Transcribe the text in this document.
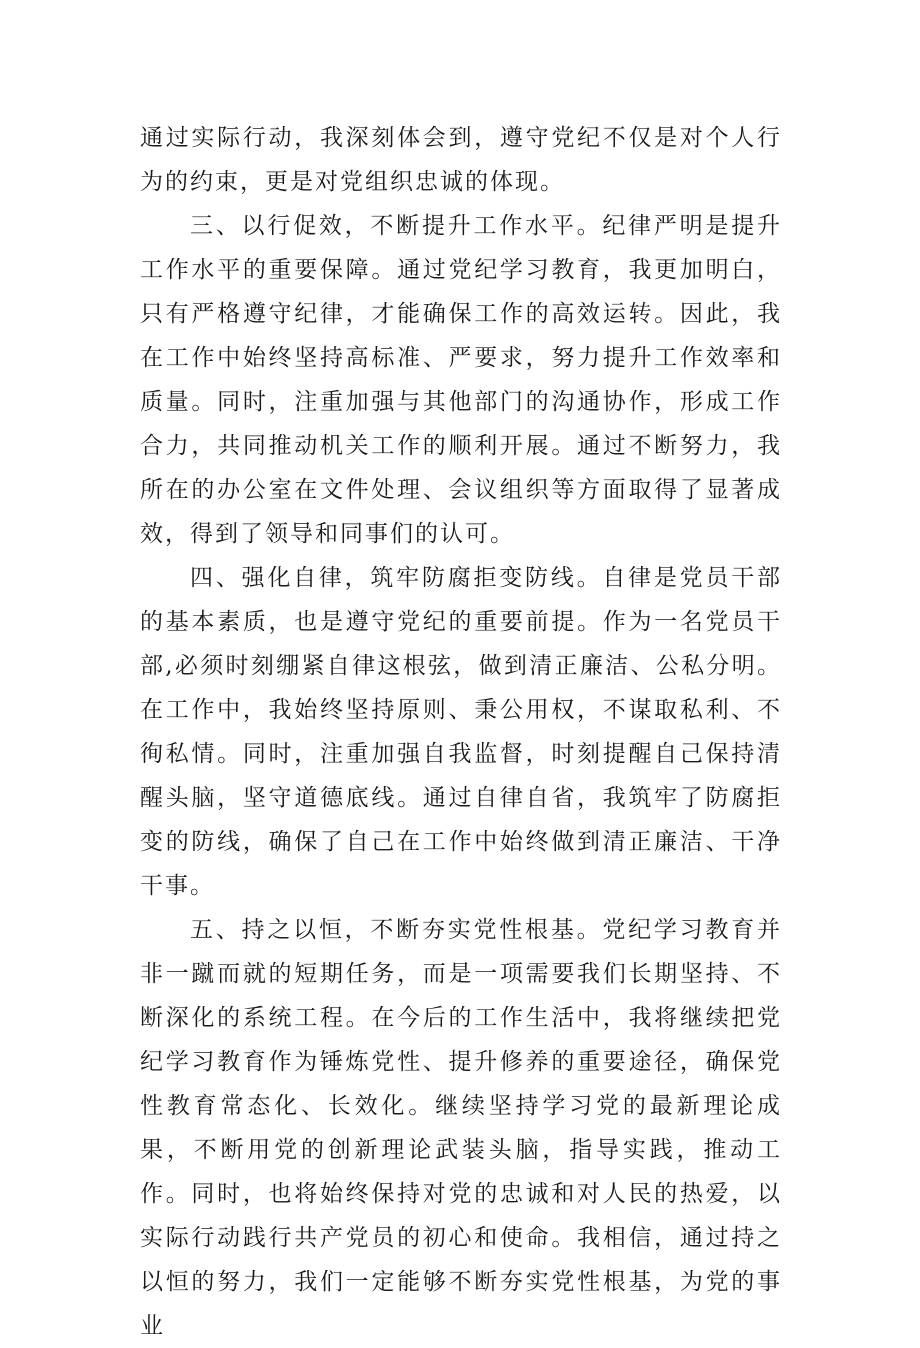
通过实际行动，我深刻体会到，遵守党纪不仅是对个人行为的约束，更是对党组织忠诚的体现。

三、以行促效，不断提升工作水平。纪律严明是提升工作水平的重要保障。通过党纪学习教育，我更加明白，只有严格遵守纪律，才能确保工作的高效运转。因此，我在工作中始终坚持高标准、严要求，努力提升工作效率和质量。同时，注重加强与其他部门的沟通协作，形成工作合力，共同推动机关工作的顺利开展。通过不断努力，我所在的办公室在文件处理、会议组织等方面取得了显著成效，得到了领导和同事们的认可。

四、强化自律，筑牢防腐拒变防线。自律是党员干部的基本素质，也是遵守党纪的重要前提。作为一名党员干部,必须时刻绷紧自律这根弦，做到清正廉洁、公私分明。在工作中，我始终坚持原则、秉公用权，不谋取私利、不徇私情。同时，注重加强自我监督，时刻提醒自己保持清醒头脑，坚守道德底线。通过自律自省，我筑牢了防腐拒变的防线，确保了自己在工作中始终做到清正廉洁、干净干事。

五、持之以恒，不断夯实党性根基。党纪学习教育并非一蹴而就的短期任务，而是一项需要我们长期坚持、不断深化的系统工程。在今后的工作生活中，我将继续把党纪学习教育作为锤炼党性、提升修养的重要途径，确保党性教育常态化、长效化。继续坚持学习党的最新理论成果，不断用党的创新理论武装头脑，指导实践，推动工作。同时，也将始终保持对党的忠诚和对人民的热爱，以实际行动践行共产党员的初心和使命。我相信，通过持之以恒的努力，我们一定能够不断夯实党性根基，为党的事业
